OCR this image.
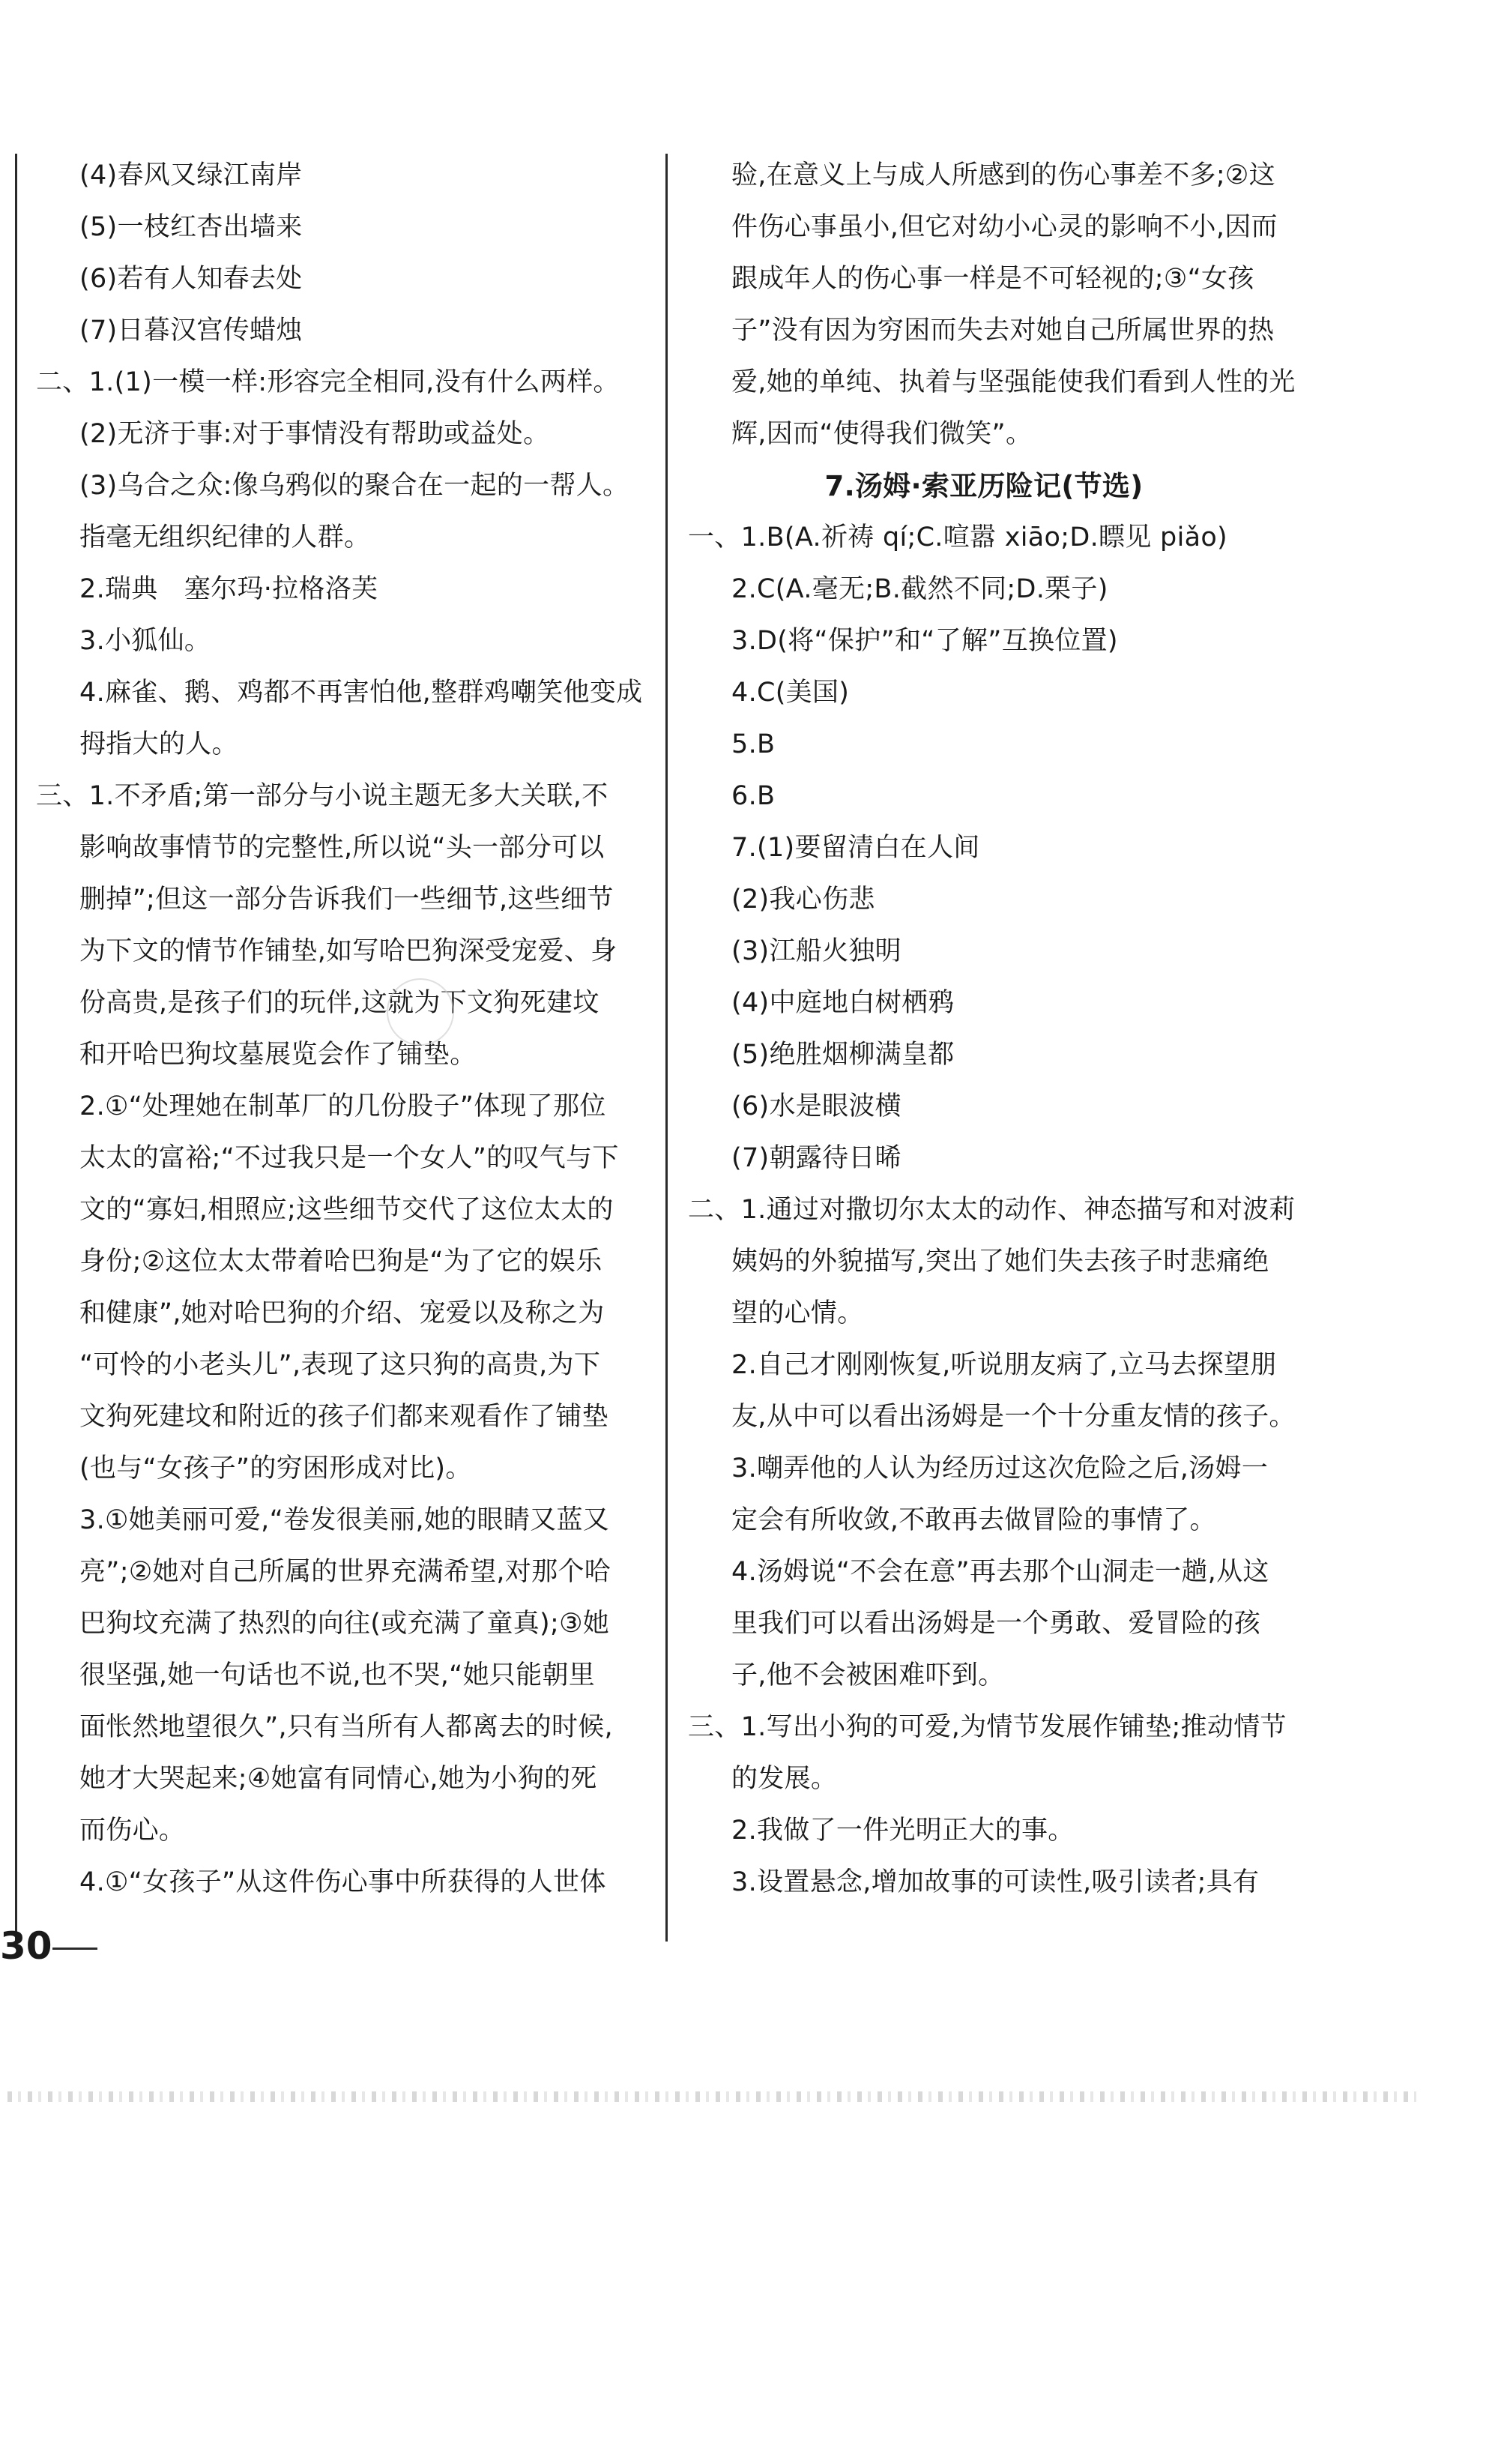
(4)春风又绿江南岸
(5)一枝红杏出墙来
(6)若有人知春去处
(7)日暮汉宫传蜡烛
二、1.(1)一模一样:形容完全相同,没有什么两样。
(2)无济于事:对于事情没有帮助或益处。
(3)乌合之众:像乌鸦似的聚合在一起的一帮人。
指毫无组织纪律的人群。
2.瑞典　塞尔玛·拉格洛芙
3.小狐仙。
4.麻雀、鹅、鸡都不再害怕他,整群鸡嘲笑他变成
拇指大的人。
三、1.不矛盾;第一部分与小说主题无多大关联,不
影响故事情节的完整性,所以说“头一部分可以
删掉”;但这一部分告诉我们一些细节,这些细节
为下文的情节作铺垫,如写哈巴狗深受宠爱、身
份高贵,是孩子们的玩伴,这就为下文狗死建坟
和开哈巴狗坟墓展览会作了铺垫。
2.①“处理她在制革厂的几份股子”体现了那位
太太的富裕;“不过我只是一个女人”的叹气与下
文的“寡妇,相照应;这些细节交代了这位太太的
身份;②这位太太带着哈巴狗是“为了它的娱乐
和健康”,她对哈巴狗的介绍、宠爱以及称之为
“可怜的小老头儿”,表现了这只狗的高贵,为下
文狗死建坟和附近的孩子们都来观看作了铺垫
(也与“女孩子”的穷困形成对比)。
3.①她美丽可爱,“卷发很美丽,她的眼睛又蓝又
亮”;②她对自己所属的世界充满希望,对那个哈
巴狗坟充满了热烈的向往(或充满了童真);③她
很坚强,她一句话也不说,也不哭,“她只能朝里
面怅然地望很久”,只有当所有人都离去的时候,
她才大哭起来;④她富有同情心,她为小狗的死
而伤心。
4.①“女孩子”从这件伤心事中所获得的人世体
验,在意义上与成人所感到的伤心事差不多;②这
件伤心事虽小,但它对幼小心灵的影响不小,因而
跟成年人的伤心事一样是不可轻视的;③“女孩
子”没有因为穷困而失去对她自己所属世界的热
爱,她的单纯、执着与坚强能使我们看到人性的光
辉,因而“使得我们微笑”。
7.汤姆·索亚历险记(节选)
一、1.B(A.祈祷 qí;C.喧嚣 xiāo;D.瞟见 piǎo)
2.C(A.毫无;B.截然不同;D.栗子)
3.D(将“保护”和“了解”互换位置)
4.C(美国)
5.B
6.B
7.(1)要留清白在人间
(2)我心伤悲
(3)江船火独明
(4)中庭地白树栖鸦
(5)绝胜烟柳满皇都
(6)水是眼波横
(7)朝露待日晞
二、1.通过对撒切尔太太的动作、神态描写和对波莉
姨妈的外貌描写,突出了她们失去孩子时悲痛绝
望的心情。
2.自己才刚刚恢复,听说朋友病了,立马去探望朋
友,从中可以看出汤姆是一个十分重友情的孩子。
3.嘲弄他的人认为经历过这次危险之后,汤姆一
定会有所收敛,不敢再去做冒险的事情了。
4.汤姆说“不会在意”再去那个山洞走一趟,从这
里我们可以看出汤姆是一个勇敢、爱冒险的孩
子,他不会被困难吓到。
三、1.写出小狗的可爱,为情节发展作铺垫;推动情节
的发展。
2.我做了一件光明正大的事。
3.设置悬念,增加故事的可读性,吸引读者;具有
30
